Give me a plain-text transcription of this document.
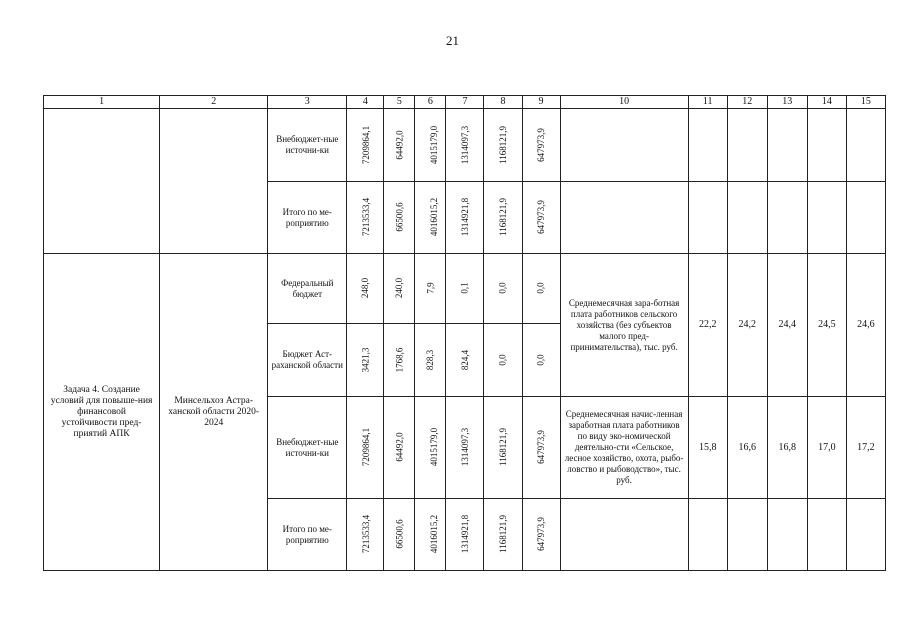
21
1	2	3	4	5	6	7	8	9	10	11	12	13	14	15
		Внебюджет-ные источни-ки	7209864,1	64492,0	4015179,0	1314097,3	1168121,9	647973,9						
		Итого по ме-роприятию	7213533,4	66500,6	4016015,2	1314921,8	1168121,9	647973,9						
Задача 4. Создание условий для повыше-ния финансовой устойчивости пред-приятий АПК	Минсельхоз Астра-ханской области 2020-2024	Федеральный бюджет	248,0	240,0	7,9	0,1	0,0	0,0	Среднемесячная зара-ботная плата работников сельского хозяйства (без субъектов малого пред-принимательства), тыс. руб.	22,2	24,2	24,4	24,5	24,6
		Бюджет Аст-раханской области	3421,3	1768,6	828,3	824,4	0,0	0,0						
		Внебюджет-ные источни-ки	7209864,1	64492,0	4015179,0	1314097,3	1168121,9	647973,9	Среднемесячная начис-ленная заработная плата работников по виду эко-номической деятельно-сти «Сельское, лесное хозяйство, охота, рыбо-ловство и рыбоводство», тыс. руб.	15,8	16,6	16,8	17,0	17,2
		Итого по ме-роприятию	7213533,4	66500,6	4016015,2	1314921,8	1168121,9	647973,9						
